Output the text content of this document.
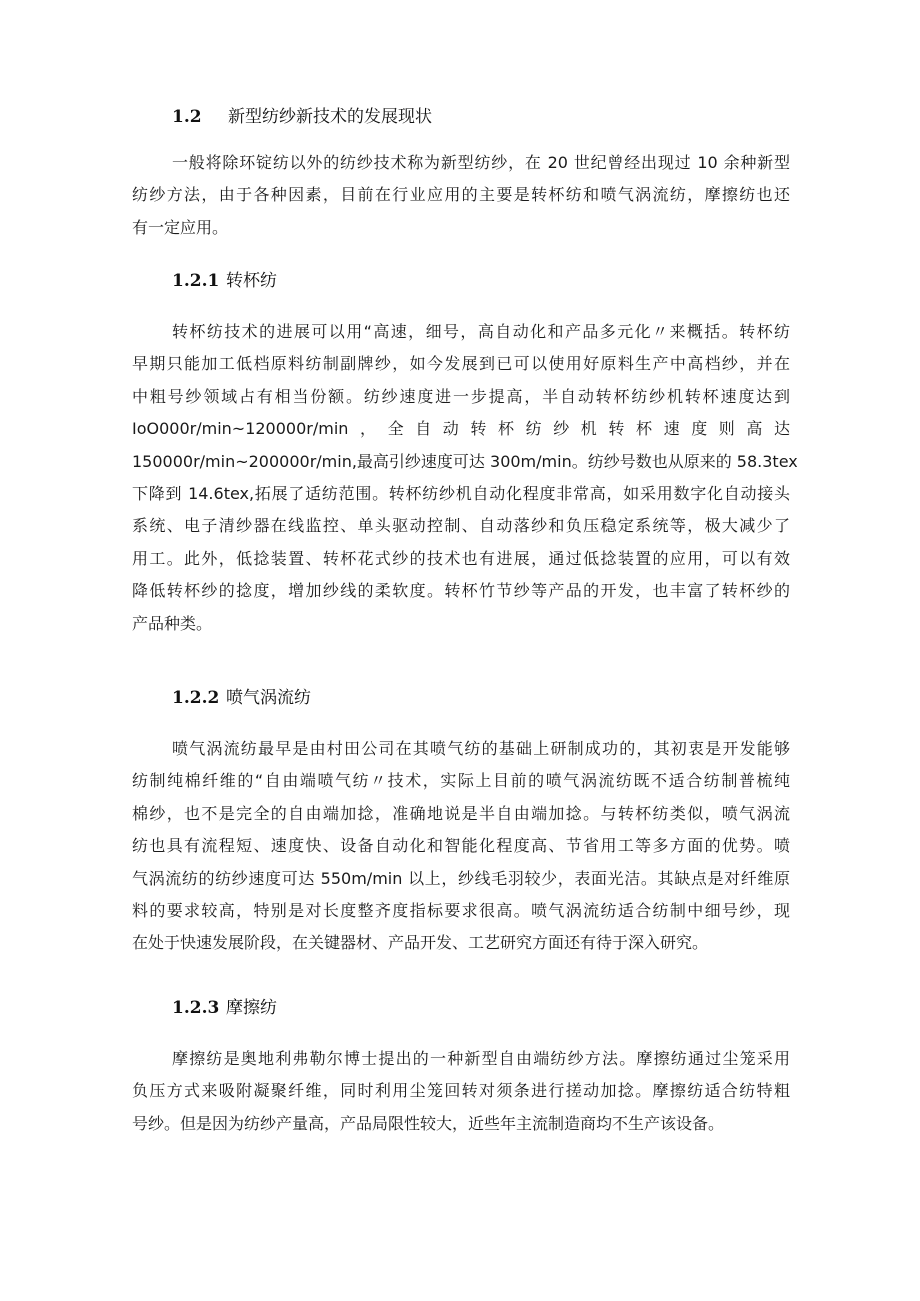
1.2 新型纺纱新技术的发展现状
一般将除环锭纺以外的纺纱技术称为新型纺纱，在 20 世纪曾经出现过 10 余种新型
纺纱方法，由于各种因素，目前在行业应用的主要是转杯纺和喷气涡流纺，摩擦纺也还
有一定应用。
1.2.1 转杯纺
转杯纺技术的进展可以用“高速，细号，高自动化和产品多元化〃来概括。转杯纺
早期只能加工低档原料纺制副牌纱，如今发展到已可以使用好原料生产中高档纱，并在
中粗号纱领域占有相当份额。纺纱速度进一步提高，半自动转杯纺纱机转杯速度达到
IoO000r∕min~120000r∕min，全自动转杯纺纱机转杯速度则高达
150000r∕min~200000r∕min,最高引纱速度可达 300m/min。纺纱号数也从原来的 58.3tex
下降到 14.6tex,拓展了适纺范围。转杯纺纱机自动化程度非常高，如采用数字化自动接头
系统、电子清纱器在线监控、单头驱动控制、自动落纱和负压稳定系统等，极大减少了
用工。此外，低捻装置、转杯花式纱的技术也有进展，通过低捻装置的应用，可以有效
降低转杯纱的捻度，增加纱线的柔软度。转杯竹节纱等产品的开发，也丰富了转杯纱的
产品种类。
1.2.2 喷气涡流纺
喷气涡流纺最早是由村田公司在其喷气纺的基础上研制成功的，其初衷是开发能够
纺制纯棉纤维的“自由端喷气纺〃技术，实际上目前的喷气涡流纺既不适合纺制普梳纯
棉纱，也不是完全的自由端加捻，准确地说是半自由端加捻。与转杯纺类似，喷气涡流
纺也具有流程短、速度快、设备自动化和智能化程度高、节省用工等多方面的优势。喷
气涡流纺的纺纱速度可达 550m/min 以上，纱线毛羽较少，表面光洁。其缺点是对纤维原
料的要求较高，特别是对长度整齐度指标要求很高。喷气涡流纺适合纺制中细号纱，现
在处于快速发展阶段，在关键器材、产品开发、工艺研究方面还有待于深入研究。
1.2.3 摩擦纺
摩擦纺是奥地利弗勒尔博士提出的一种新型自由端纺纱方法。摩擦纺通过尘笼采用
负压方式来吸附凝聚纤维，同时利用尘笼回转对须条进行搓动加捻。摩擦纺适合纺特粗
号纱。但是因为纺纱产量高，产品局限性较大，近些年主流制造商均不生产该设备。
